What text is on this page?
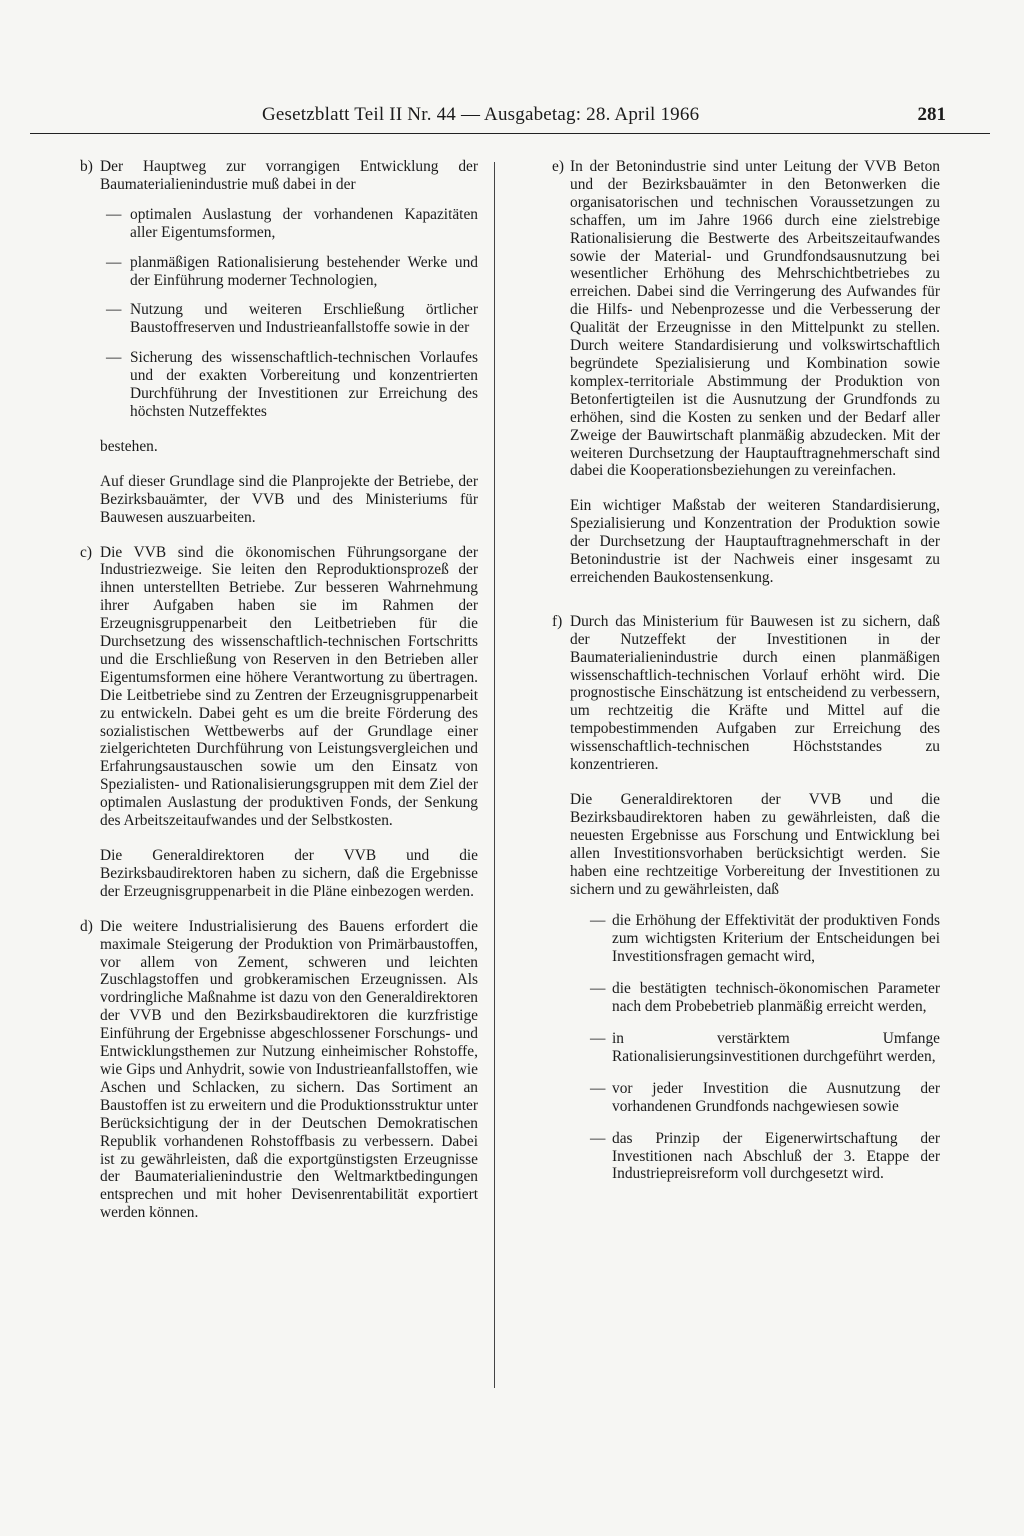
Gesetzblatt Teil II Nr. 44 — Ausgabetag: 28. April 1966	281
b) Der Hauptweg zur vorrangigen Entwicklung der Baumaterialienindustrie muß dabei in der

— optimalen Auslastung der vorhandenen Kapazitäten aller Eigentumsformen,
— planmäßigen Rationalisierung bestehender Werke und der Einführung moderner Technologien,
— Nutzung und weiteren Erschließung örtlicher Baustoffreserven und Industrieanfallstoffe sowie in der
— Sicherung des wissenschaftlich-technischen Vorlaufes und der exakten Vorbereitung und konzentrierten Durchführung der Investitionen zur Erreichung des höchsten Nutzeffektes

bestehen.

Auf dieser Grundlage sind die Planprojekte der Betriebe, der Bezirksbauämter, der VVB und des Ministeriums für Bauwesen auszuarbeiten.

c) Die VVB sind die ökonomischen Führungsorgane der Industriezweige. Sie leiten den Reproduktionsprozeß der ihnen unterstellten Betriebe. Zur besseren Wahrnehmung ihrer Aufgaben haben sie im Rahmen der Erzeugnisgruppenarbeit den Leitbetrieben für die Durchsetzung des wissenschaftlich-technischen Fortschritts und die Erschließung von Reserven in den Betrieben aller Eigentumsformen eine höhere Verantwortung zu übertragen. Die Leitbetriebe sind zu Zentren der Erzeugnisgruppenarbeit zu entwickeln. Dabei geht es um die breite Förderung des sozialistischen Wettbewerbs auf der Grundlage einer zielgerichteten Durchführung von Leistungsvergleichen und Erfahrungsaustauschen sowie um den Einsatz von Spezialisten- und Rationalisierungsgruppen mit dem Ziel der optimalen Auslastung der produktiven Fonds, der Senkung des Arbeitszeitaufwandes und der Selbstkosten.

Die Generaldirektoren der VVB und die Bezirksbaudirektoren haben zu sichern, daß die Ergebnisse der Erzeugnisgruppenarbeit in die Pläne einbezogen werden.

d) Die weitere Industrialisierung des Bauens erfordert die maximale Steigerung der Produktion von Primärbaustoffen, vor allem von Zement, schweren und leichten Zuschlagstoffen und grobkeramischen Erzeugnissen. Als vordringliche Maßnahme ist dazu von den Generaldirektoren der VVB und den Bezirksbaudirektoren die kurzfristige Einführung der Ergebnisse abgeschlossener Forschungs- und Entwicklungsthemen zur Nutzung einheimischer Rohstoffe, wie Gips und Anhydrit, sowie von Industrieanfallstoffen, wie Aschen und Schlacken, zu sichern. Das Sortiment an Baustoffen ist zu erweitern und die Produktionsstruktur unter Berücksichtigung der in der Deutschen Demokratischen Republik vorhandenen Rohstoffbasis zu verbessern. Dabei ist zu gewährleisten, daß die exportgünstigsten Erzeugnisse der Baumaterialienindustrie den Weltmarktbedingungen entsprechen und mit hoher Devisenrentabilität exportiert werden können.

e) In der Betonindustrie sind unter Leitung der VVB Beton und der Bezirksbauämter in den Betonwerken die organisatorischen und technischen Voraussetzungen zu schaffen, um im Jahre 1966 durch eine zielstrebige Rationalisierung die Bestwerte des Arbeitszeitaufwandes sowie der Material- und Grundfondsausnutzung bei wesentlicher Erhöhung des Mehrschichtbetriebes zu erreichen. Dabei sind die Verringerung des Aufwandes für die Hilfs- und Nebenprozesse und die Verbesserung der Qualität der Erzeugnisse in den Mittelpunkt zu stellen. Durch weitere Standardisierung und volkswirtschaftlich begründete Spezialisierung und Kombination sowie komplex-territoriale Abstimmung der Produktion von Betonfertigteilen ist die Ausnutzung der Grundfonds zu erhöhen, sind die Kosten zu senken und der Bedarf aller Zweige der Bauwirtschaft planmäßig abzudecken. Mit der weiteren Durchsetzung der Hauptauftragnehmerschaft sind dabei die Kooperationsbeziehungen zu vereinfachen.

Ein wichtiger Maßstab der weiteren Standardisierung, Spezialisierung und Konzentration der Produktion sowie der Durchsetzung der Hauptauftragnehmerschaft in der Betonindustrie ist der Nachweis einer insgesamt zu erreichenden Baukostensenkung.

f) Durch das Ministerium für Bauwesen ist zu sichern, daß der Nutzeffekt der Investitionen in der Baumaterialienindustrie durch einen planmäßigen wissenschaftlich-technischen Vorlauf erhöht wird. Die prognostische Einschätzung ist entscheidend zu verbessern, um rechtzeitig die Kräfte und Mittel auf die tempobestimmenden Aufgaben zur Erreichung des wissenschaftlich-technischen Höchststandes zu konzentrieren.

Die Generaldirektoren der VVB und die Bezirksbaudirektoren haben zu gewährleisten, daß die neuesten Ergebnisse aus Forschung und Entwicklung bei allen Investitionsvorhaben berücksichtigt werden. Sie haben eine rechtzeitige Vorbereitung der Investitionen zu sichern und zu gewährleisten, daß

— die Erhöhung der Effektivität der produktiven Fonds zum wichtigsten Kriterium der Entscheidungen bei Investitionsfragen gemacht wird,
— die bestätigten technisch-ökonomischen Parameter nach dem Probebetrieb planmäßig erreicht werden,
— in verstärktem Umfange Rationalisierungsinvestitionen durchgeführt werden,
— vor jeder Investition die Ausnutzung der vorhandenen Grundfonds nachgewiesen sowie
— das Prinzip der Eigenerwirtschaftung der Investitionen nach Abschluß der 3. Etappe der Industriepreisreform voll durchgesetzt wird.
